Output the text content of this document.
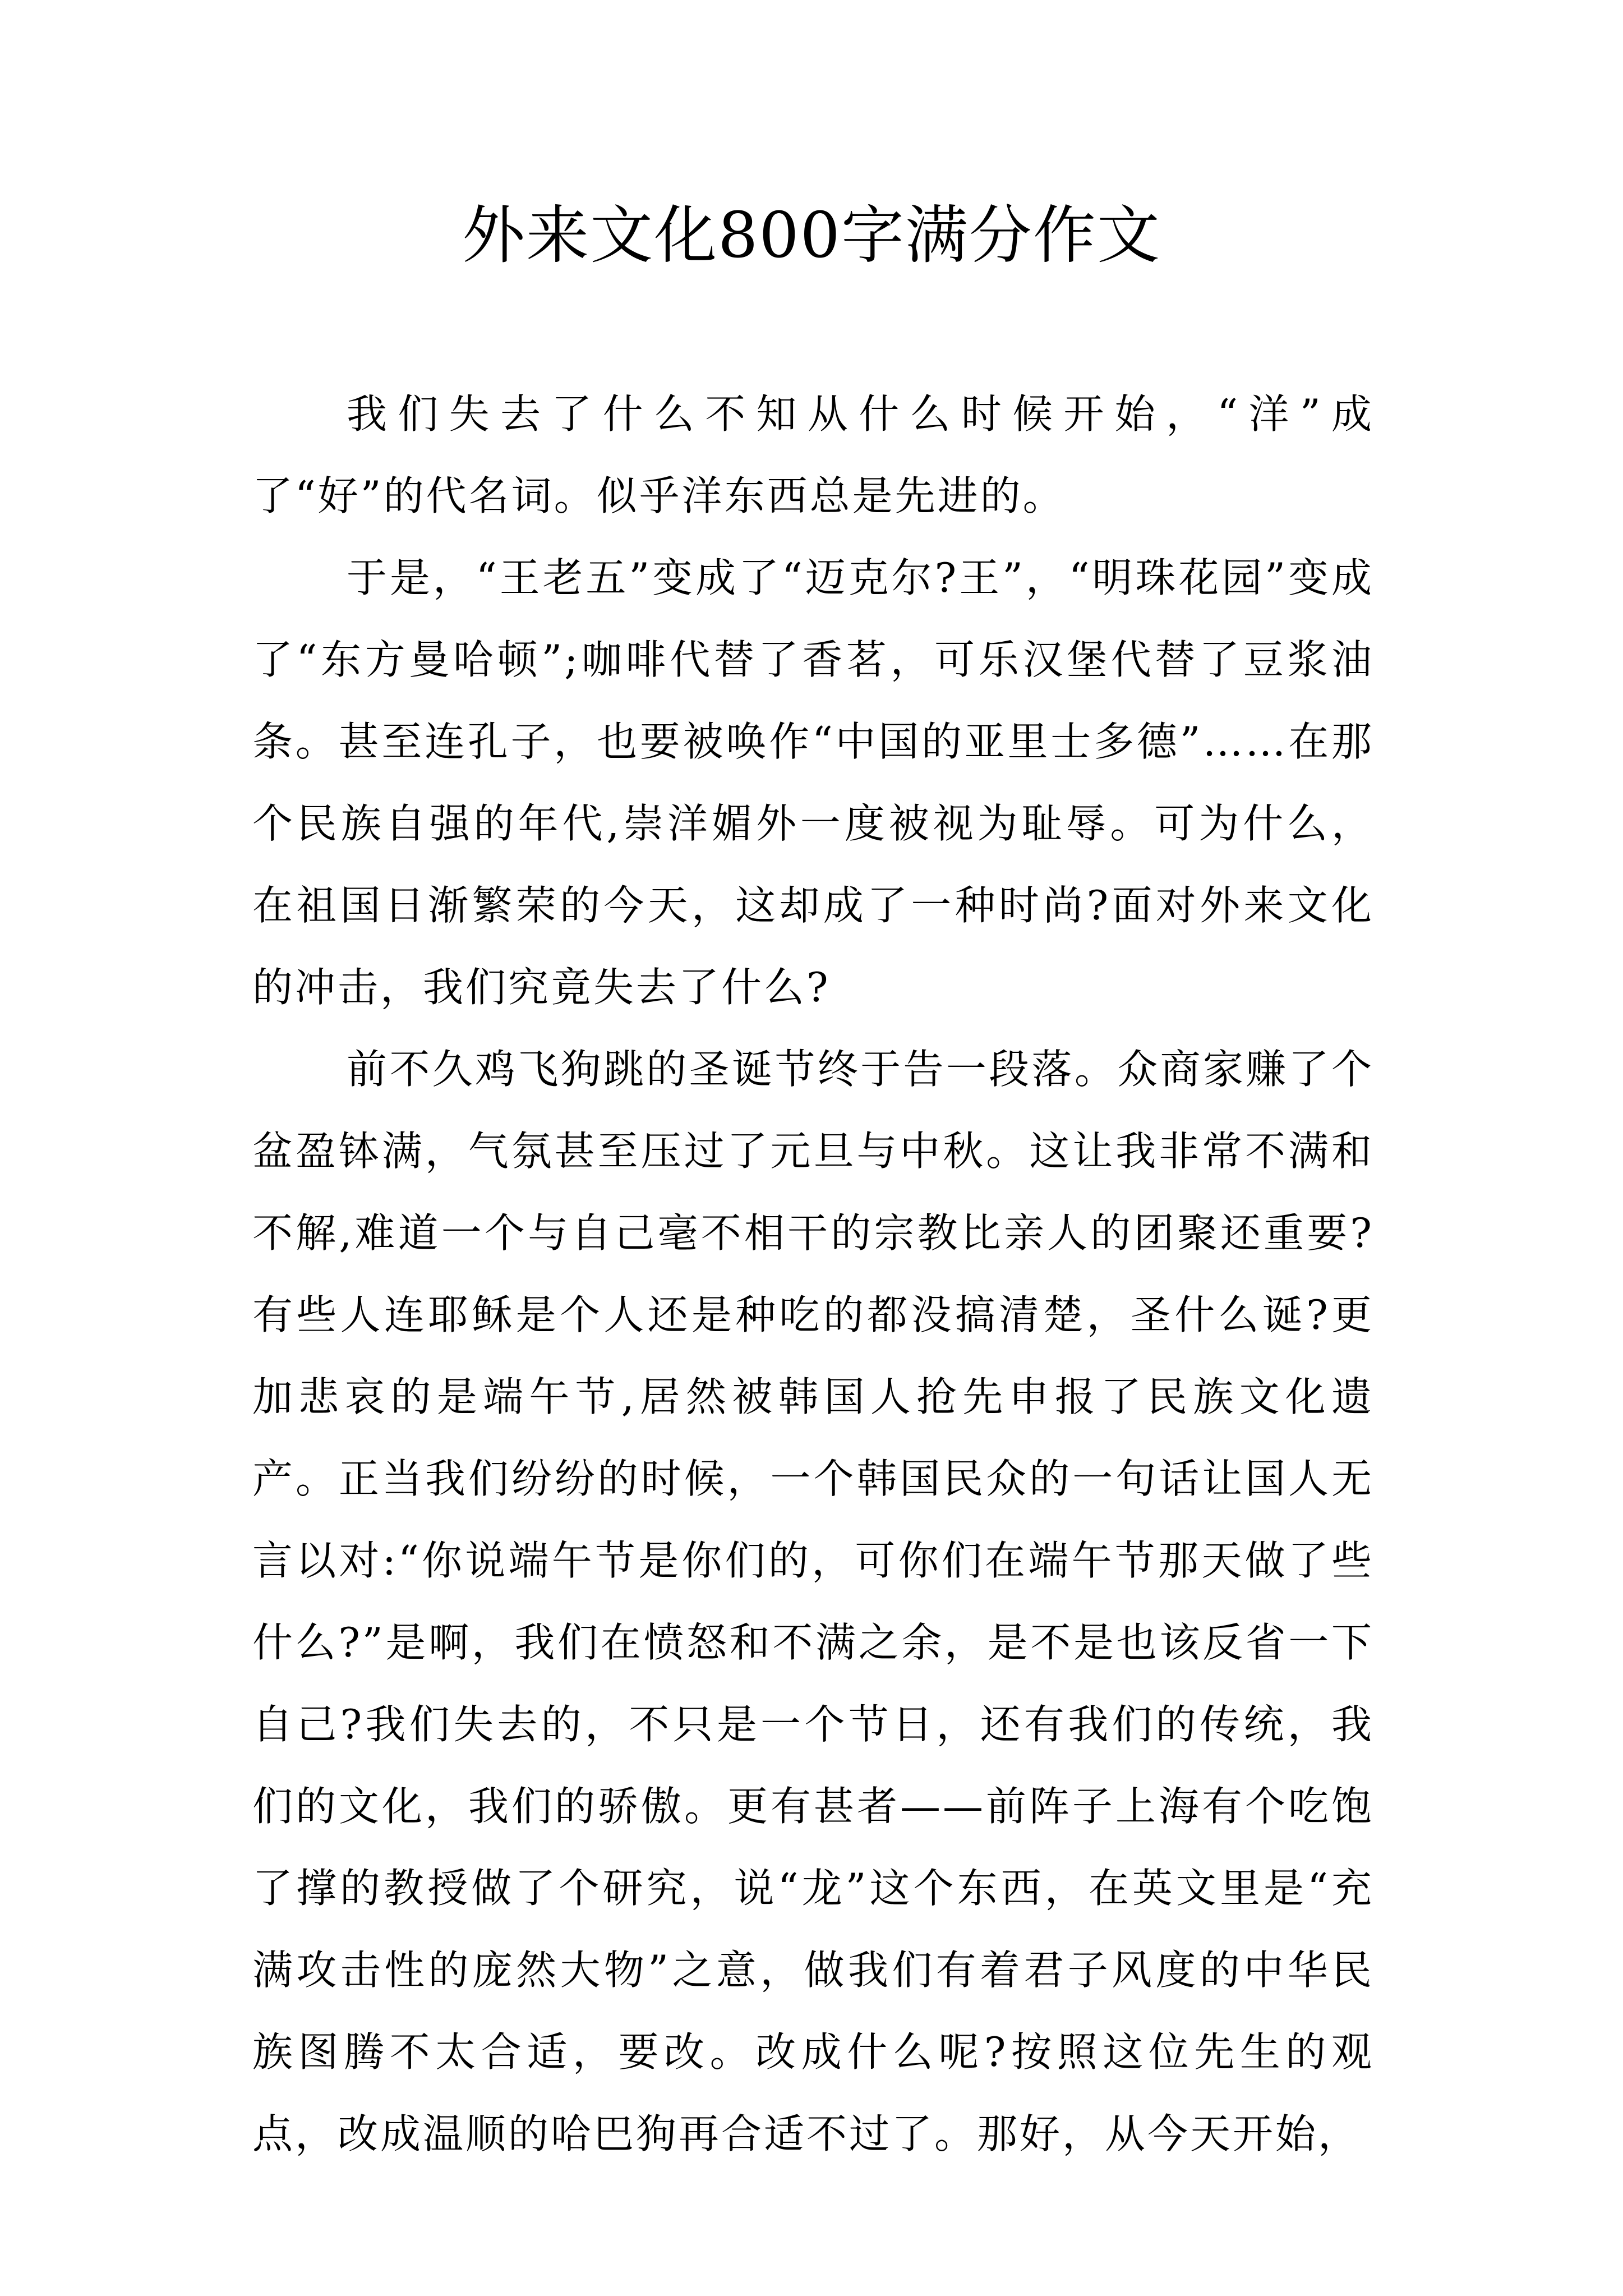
外来文化800字满分作文

我们失去了什么不知从什么时候开始，“洋”成了“好”的代名词。似乎洋东西总是先进的。

于是，“王老五”变成了“迈克尔?王”，“明珠花园”变成了“东方曼哈顿”;咖啡代替了香茗，可乐汉堡代替了豆浆油条。甚至连孔子，也要被唤作“中国的亚里士多德”……在那个民族自强的年代,崇洋媚外一度被视为耻辱。可为什么，在祖国日渐繁荣的今天，这却成了一种时尚?面对外来文化的冲击，我们究竟失去了什么?

前不久鸡飞狗跳的圣诞节终于告一段落。众商家赚了个盆盈钵满，气氛甚至压过了元旦与中秋。这让我非常不满和不解,难道一个与自己毫不相干的宗教比亲人的团聚还重要?有些人连耶稣是个人还是种吃的都没搞清楚，圣什么诞?更加悲哀的是端午节,居然被韩国人抢先申报了民族文化遗产。正当我们纷纷的时候，一个韩国民众的一句话让国人无言以对:“你说端午节是你们的，可你们在端午节那天做了些什么?”是啊，我们在愤怒和不满之余，是不是也该反省一下自己?我们失去的，不只是一个节日，还有我们的传统，我们的文化，我们的骄傲。更有甚者——前阵子上海有个吃饱了撑的教授做了个研究，说“龙”这个东西，在英文里是“充满攻击性的庞然大物”之意，做我们有着君子风度的中华民族图腾不太合适，要改。改成什么呢?按照这位先生的观点，改成温顺的哈巴狗再合适不过了。那好，从今天开始，
